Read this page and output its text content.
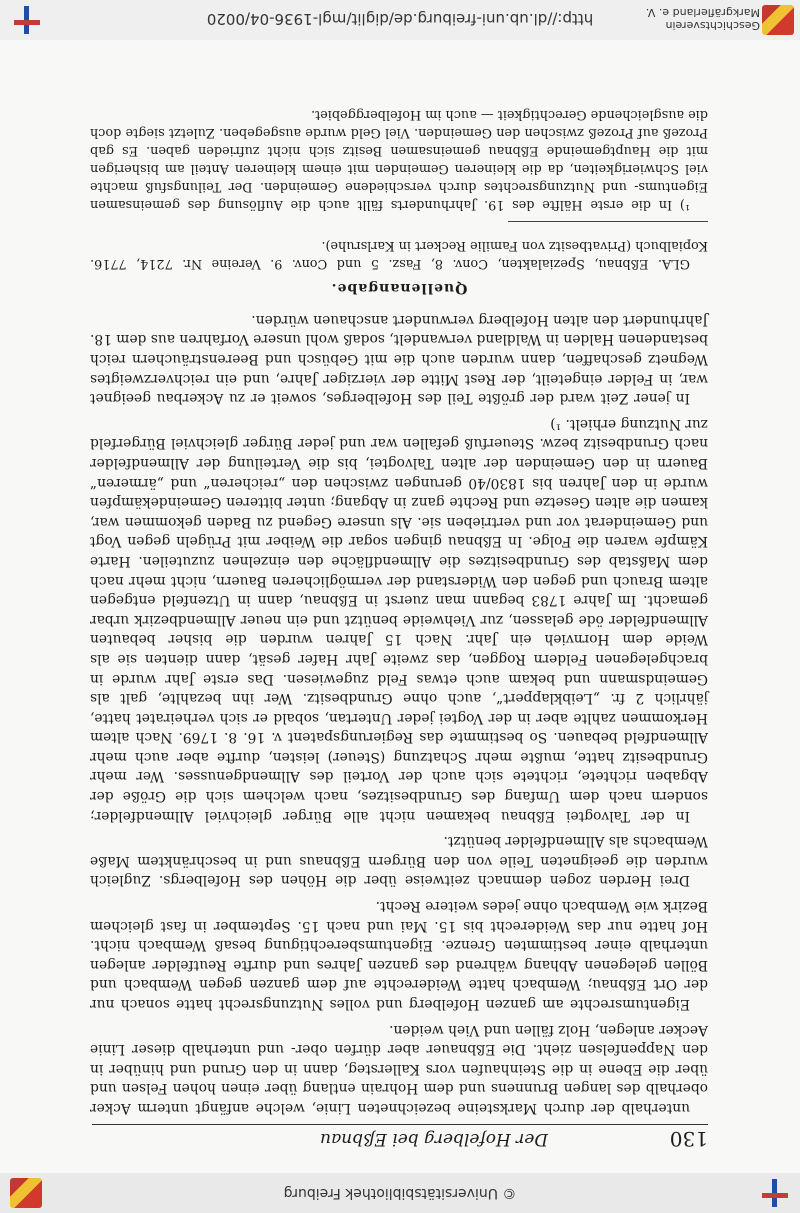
© Universitätsbibliothek Freiburg
130
Der Hofelberg bei Eßbnau

unterhalb der durch Marksteine bezeichneten Linie, welche anfängt unterm Acker oberhalb des langen Brunnens und dem Hohrain entlang über einen hohen Felsen und über die Ebene in die Steinhaufen vors Kallersteg, dann in den Grund und hinüber in den Nappenfelsen zieht. Die Eßbnauer aber dürfen ober- und unterhalb dieser Linie Aecker anlegen, Holz fällen und Vieh weiden.

Eigentumsrechte am ganzen Hofelberg und volles Nutzungsrecht hatte sonach nur der Ort Eßbnau; Wembach hatte Weiderechte auf dem ganzen gegen Wembach und Böllen gelegenen Abhang während des ganzen Jahres und durfte Reutfelder anlegen unterhalb einer bestimmten Grenze. Eigentumsberechtigung besaß Wembach nicht. Hof hatte nur das Weiderecht bis 15. Mai und nach 15. September in fast gleichem Bezirk wie Wembach ohne jedes weitere Recht.

Drei Herden zogen demnach zeitweise über die Höhen des Hofelbergs. Zugleich wurden die geeigneten Teile von den Bürgern Eßbnaus und in beschränktem Maße Wembachs als Allmendfelder benützt.

In der Talvogtei Eßbnau bekamen nicht alle Bürger gleichviel Allmendfelder; sondern nach dem Umfang des Grundbesitzes, nach welchem sich die Größe der Abgaben richtete, richtete sich auch der Vorteil des Allmendgenusses. Wer mehr Grundbesitz hatte, mußte mehr Schatzung (Steuer) leisten, durfte aber auch mehr Allmendfeld bebauen. So bestimmte das Regierungspatent v. 16. 8. 1769. Nach altem Herkommen zahlte aber in der Vogtei jeder Untertan, sobald er sich verheiratet hatte, jährlich 2 fr. „Leibklappert“, auch ohne Grundbesitz. Wer ihn bezahlte, galt als Gemeindsmann und bekam auch etwas Feld zugewiesen. Das erste Jahr wurde in brachgelegenen Feldern Roggen, das zweite Jahr Hafer gesät, dann dienten sie als Weide dem Hornvieh ein Jahr. Nach 15 Jahren wurden die bisher bebauten Allmendfelder öde gelassen, zur Viehweide benützt und ein neuer Allmendbezirk urbar gemacht. Im Jahre 1783 begann man zuerst in Eßbnau, dann in Utzenfeld entgegen altem Brauch und gegen den Widerstand der vermöglicheren Bauern, nicht mehr nach dem Maßstab des Grundbesitzes die Allmendfläche den einzelnen zuzuteilen. Harte Kämpfe waren die Folge. In Eßbnau gingen sogar die Weiber mit Prügeln gegen Vogt und Gemeinderat vor und vertrieben sie. Als unsere Gegend zu Baden gekommen war, kamen die alten Gesetze und Rechte ganz in Abgang; unter bitteren Gemeindekämpfen wurde in den Jahren bis 1830/40 gerungen zwischen den „reicheren“ und „ärmeren“ Bauern in den Gemeinden der alten Talvogtei, bis die Verteilung der Allmendfelder nach Grundbesitz bezw. Steuerfuß gefallen war und jeder Bürger gleichviel Bürgerfeld zur Nutzung erhielt. ¹)

In jener Zeit ward der größte Teil des Hofelberges, soweit er zu Ackerbau geeignet war, in Felder eingeteilt, der Rest Mitte der vierziger Jahre, und ein reichverzweigtes Wegnetz geschaffen, dann wurden auch die mit Gebüsch und Beerensträuchern reich bestandenen Halden in Waldland verwandelt, sodaß wohl unsere Vorfahren aus dem 18. Jahrhundert den alten Hofelberg verwundert anschauen würden.

Quellenangabe.

GLA. Eßbnau, Spezialakten, Conv. 8, Fasz. 5 und Conv. 9. Vereine Nr. 7214, 7716. Kopialbuch (Privatbesitz von Familie Reckert in Karlsruhe).

¹) In die erste Hälfte des 19. Jahrhunderts fällt auch die Auflösung des gemeinsamen Eigentums- und Nutzungsrechtes durch verschiedene Gemeinden. Der Teilungsfuß machte viel Schwierigkeiten, da die kleineren Gemeinden mit einem kleineren Anteil am bisherigen mit die Hauptgemeinde Eßbnau gemeinsamen Besitz sich nicht zufrieden gaben. Es gab Prozeß auf Prozeß zwischen den Gemeinden. Viel Geld wurde ausgegeben. Zuletzt siegte doch die ausgleichende Gerechtigkeit — auch im Hofelberggebiet.

Geschichtsverein
Markgräflerland e. V.
http://dl.ub.uni-freiburg.de/diglit/mgl-1936-04/0020
